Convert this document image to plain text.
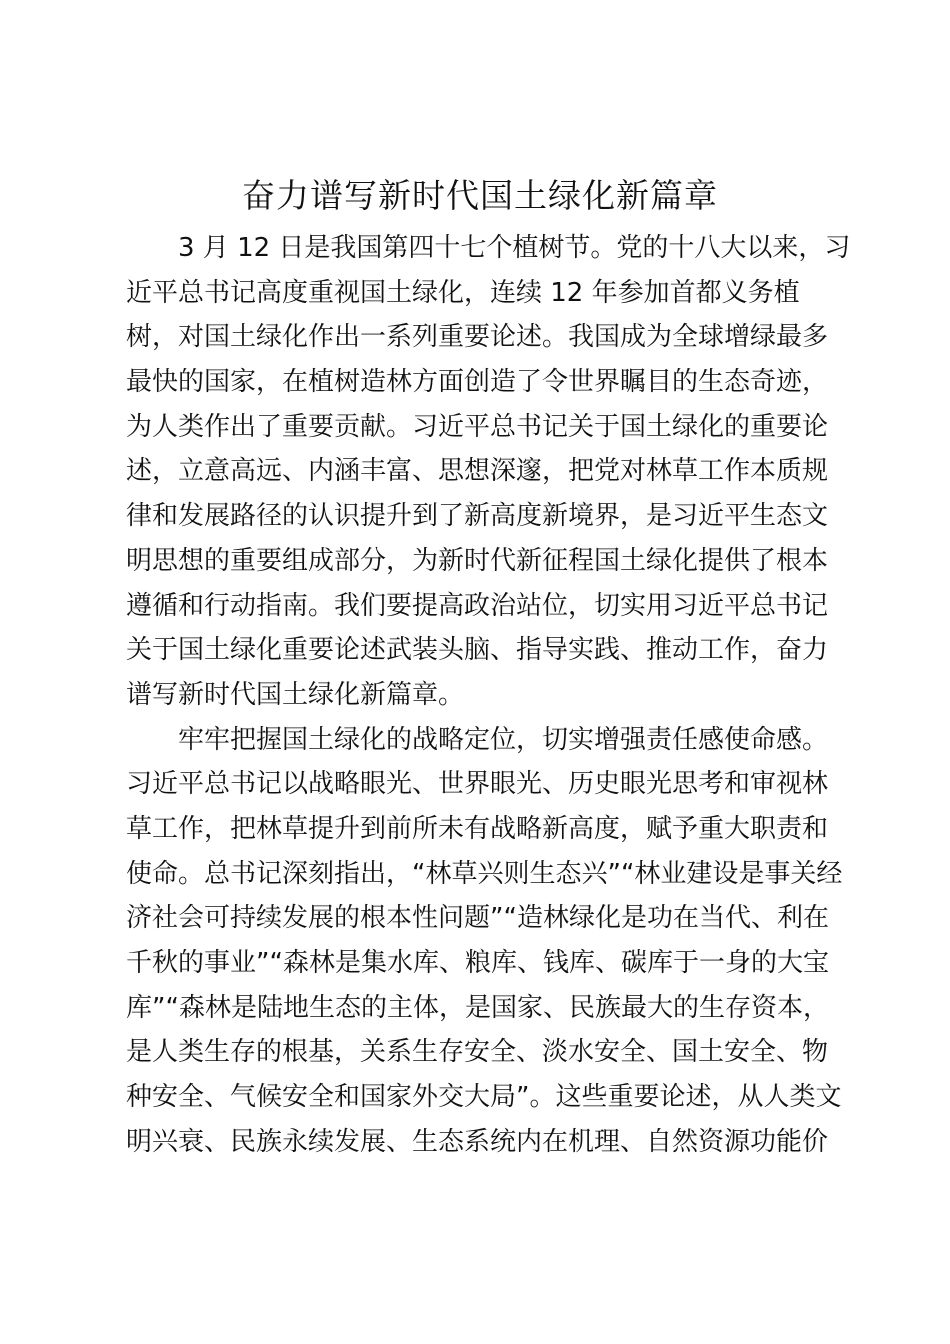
奋力谱写新时代国土绿化新篇章
3 月 12 日是我国第四十七个植树节。党的十八大以来，习
近平总书记高度重视国土绿化，连续 12 年参加首都义务植
树，对国土绿化作出一系列重要论述。我国成为全球增绿最多
最快的国家，在植树造林方面创造了令世界瞩目的生态奇迹，
为人类作出了重要贡献。习近平总书记关于国土绿化的重要论
述，立意高远、内涵丰富、思想深邃，把党对林草工作本质规
律和发展路径的认识提升到了新高度新境界，是习近平生态文
明思想的重要组成部分，为新时代新征程国土绿化提供了根本
遵循和行动指南。我们要提高政治站位，切实用习近平总书记
关于国土绿化重要论述武装头脑、指导实践、推动工作，奋力
谱写新时代国土绿化新篇章。
牢牢把握国土绿化的战略定位，切实增强责任感使命感。
习近平总书记以战略眼光、世界眼光、历史眼光思考和审视林
草工作，把林草提升到前所未有战略新高度，赋予重大职责和
使命。总书记深刻指出，“林草兴则生态兴”“林业建设是事关经
济社会可持续发展的根本性问题”“造林绿化是功在当代、利在
千秋的事业”“森林是集水库、粮库、钱库、碳库于一身的大宝
库”“森林是陆地生态的主体，是国家、民族最大的生存资本，
是人类生存的根基，关系生存安全、淡水安全、国土安全、物
种安全、气候安全和国家外交大局”。这些重要论述，从人类文
明兴衰、民族永续发展、生态系统内在机理、自然资源功能价
